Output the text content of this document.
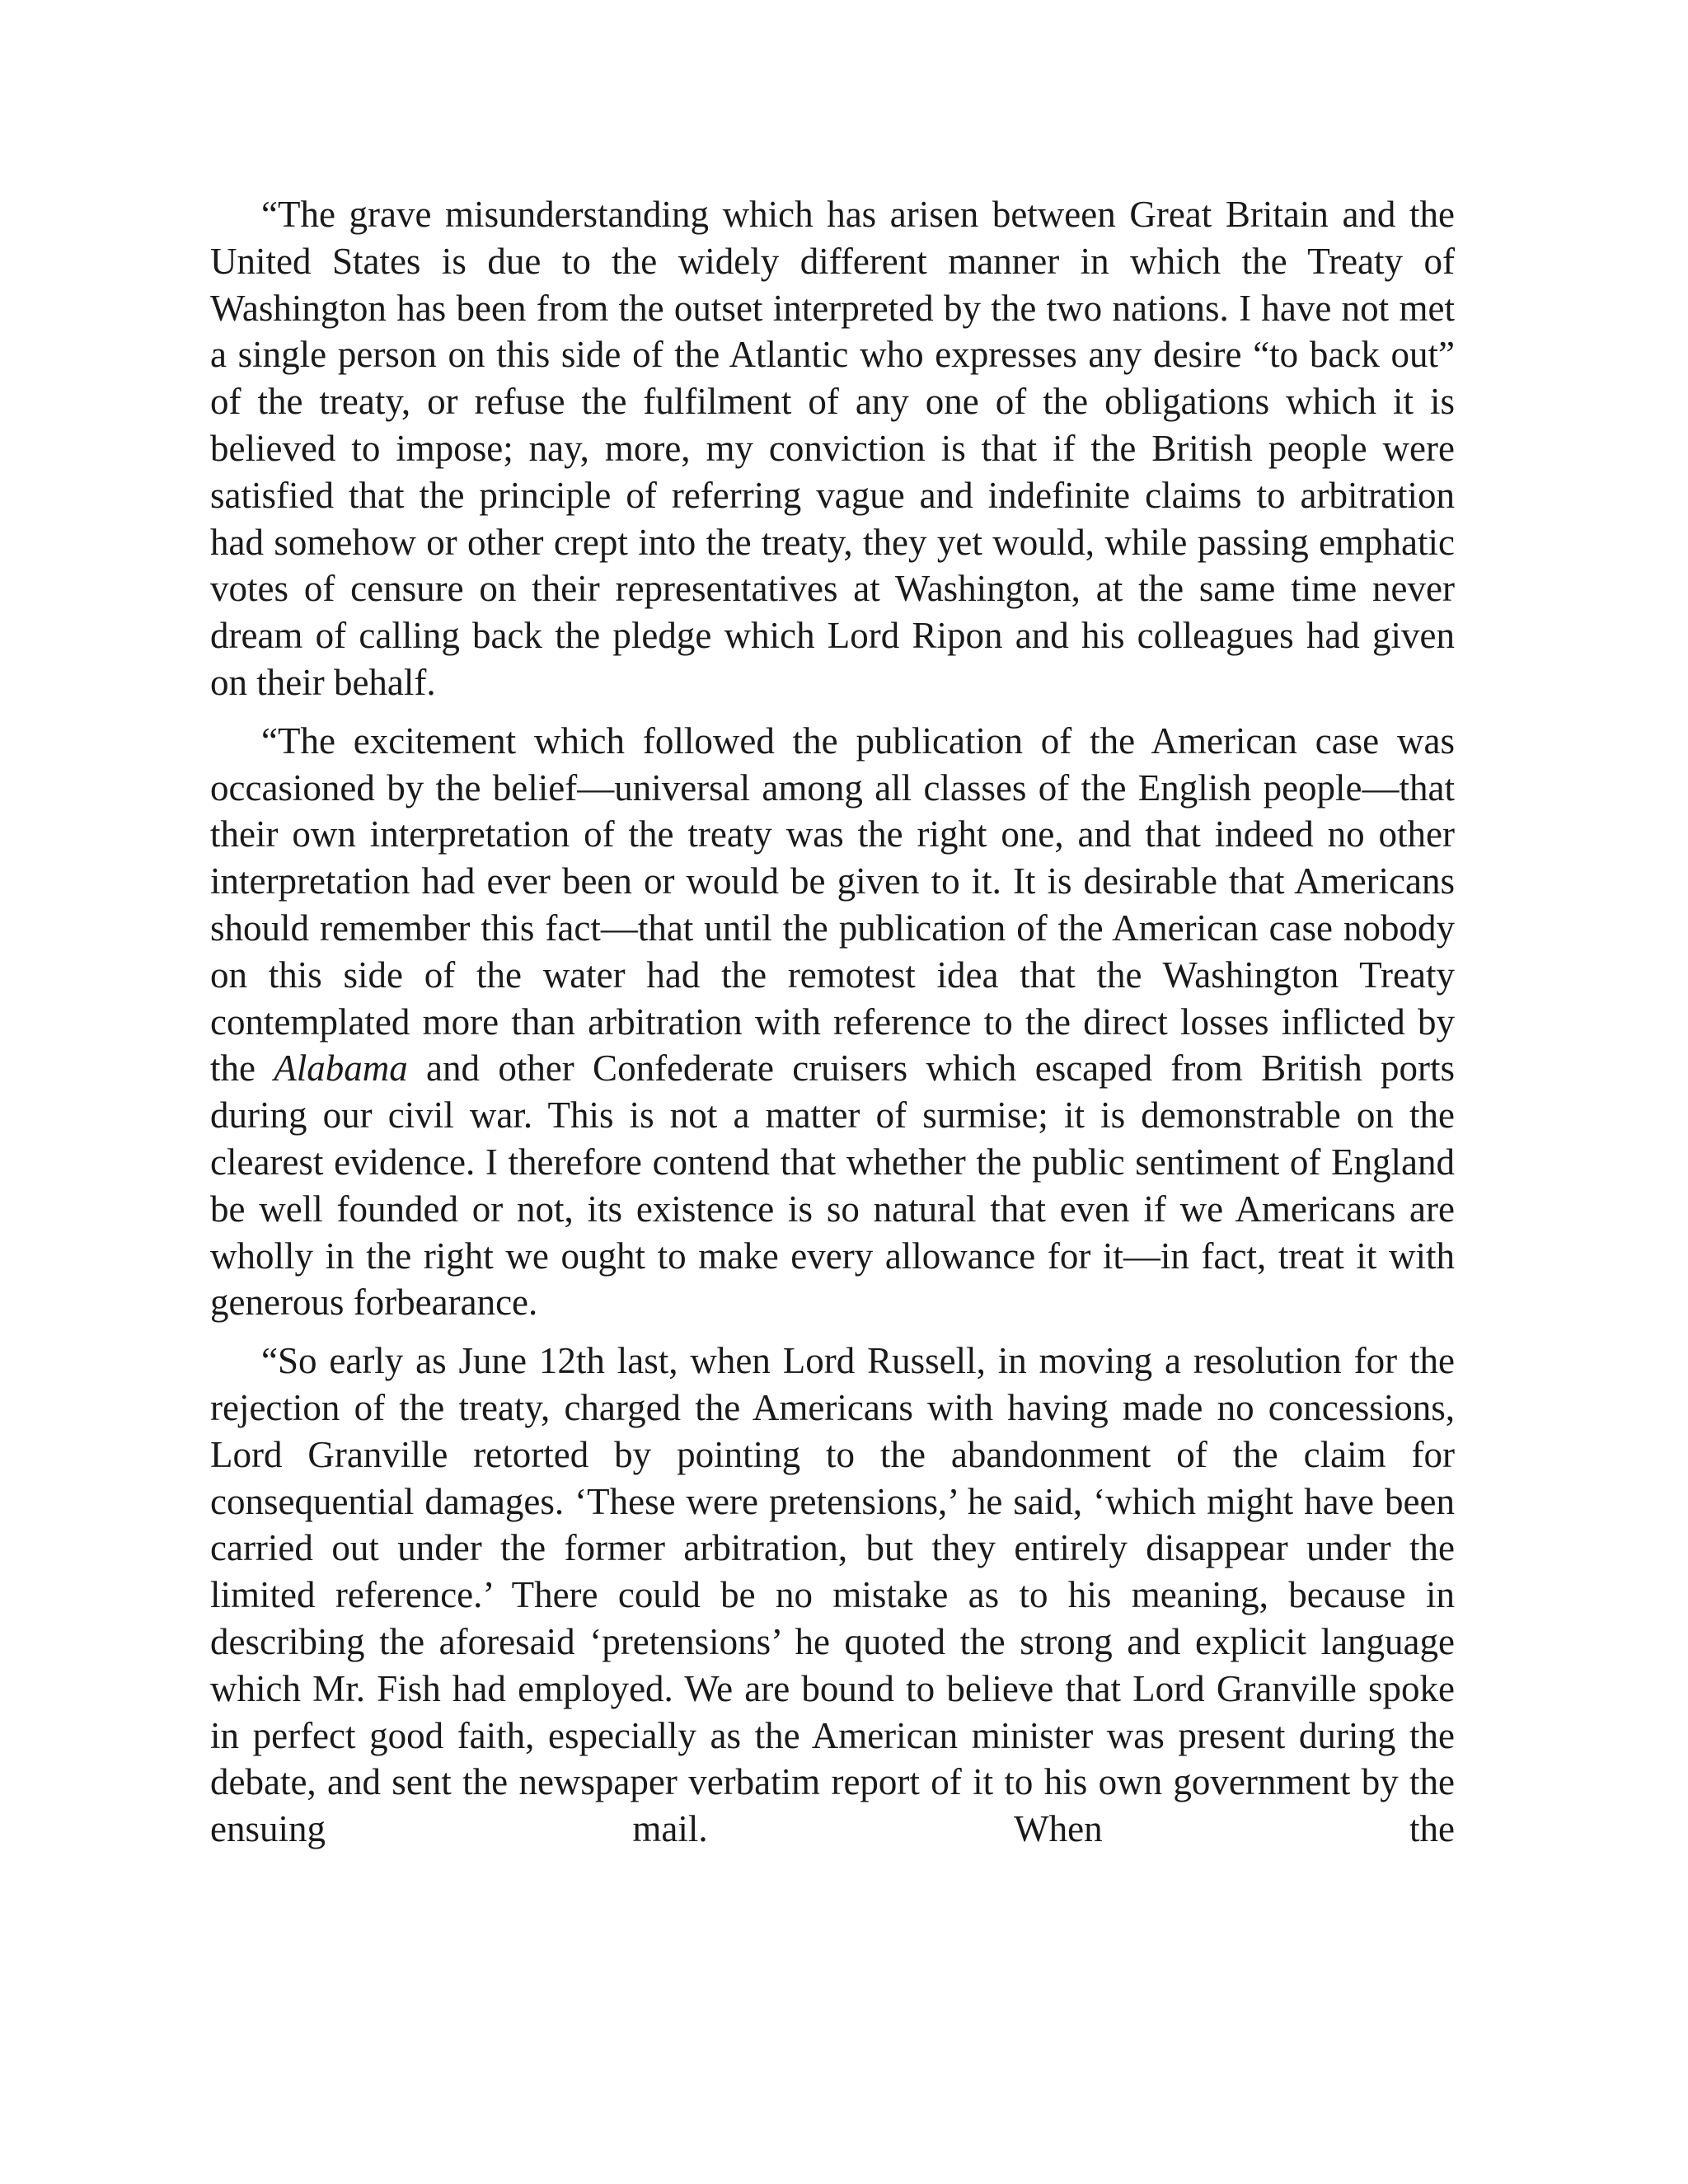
“The grave misunderstanding which has arisen between Great Britain and the United States is due to the widely different manner in which the Treaty of Washington has been from the outset interpreted by the two nations. I have not met a single person on this side of the Atlantic who expresses any desire “to back out” of the treaty, or refuse the fulfilment of any one of the obligations which it is believed to impose; nay, more, my conviction is that if the British people were satisfied that the principle of referring vague and indefinite claims to arbitration had somehow or other crept into the treaty, they yet would, while passing emphatic votes of censure on their representatives at Washington, at the same time never dream of calling back the pledge which Lord Ripon and his colleagues had given on their behalf.

“The excitement which followed the publication of the American case was occasioned by the belief—universal among all classes of the English people—that their own interpretation of the treaty was the right one, and that indeed no other interpretation had ever been or would be given to it. It is desirable that Americans should remember this fact—that until the publication of the American case nobody on this side of the water had the remotest idea that the Washington Treaty contemplated more than arbitration with reference to the direct losses inflicted by the Alabama and other Confederate cruisers which escaped from British ports during our civil war. This is not a matter of surmise; it is demonstrable on the clearest evidence. I therefore contend that whether the public sentiment of England be well founded or not, its existence is so natural that even if we Americans are wholly in the right we ought to make every allowance for it—in fact, treat it with generous forbearance.

“So early as June 12th last, when Lord Russell, in moving a resolution for the rejection of the treaty, charged the Americans with having made no concessions, Lord Granville retorted by pointing to the abandonment of the claim for consequential damages. ‘These were pretensions,’ he said, ‘which might have been carried out under the former arbitration, but they entirely disappear under the limited reference.’ There could be no mistake as to his meaning, because in describing the aforesaid ‘pretensions’ he quoted the strong and explicit language which Mr. Fish had employed. We are bound to believe that Lord Granville spoke in perfect good faith, especially as the American minister was present during the debate, and sent the newspaper verbatim report of it to his own government by the ensuing mail. When the
